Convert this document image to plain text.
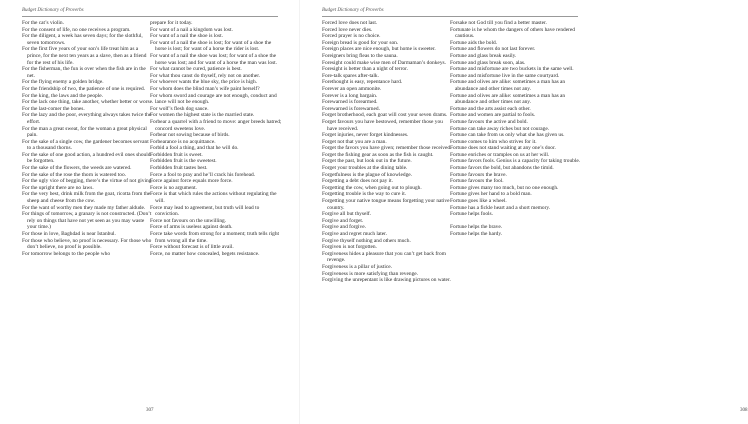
Budget Dictionary of Proverbs

For the cat’s violin.

For the consent of life, no one receives a program.

For the diligent, a week has seven days; for the slothful, seven tomorrows.

For the first five years of your son’s life treat him as a prince, for the next ten years as a slave, then as a friend for the rest of his life.

For the fisherman, the fun is over when the fish are in the net.

For the flying enemy a golden bridge.

For the friendship of two, the patience of one is required.

For the king, the laws and the people.

For the lack one thing, take another, whether better or worse.

For the last-comer the bones.

For the lazy and the poor, everything always takes twice the effort.

For the man a great sweat, for the woman a great physical pain.

For the sake of a single cow, the gardener becomes servant to a thousand thorns.

For the sake of one good action, a hundred evil ones should be forgotten.

For the sake of the flowers, the weeds are watered.

For the sake of the rose the thorn is watered too.

For the ugly vice of begging, there’s the virtue of not giving.

For the upright there are no laws.

For the very best, drink milk from the goat, ricotta from the sheep and cheese from the cow.

For the want of worthy men they made my father aldude.

For things of tomorrow, a granary is not constructed. (Don’t rely on things that have not yet seen as you may waste your time.)

For those in love, Baghdad is near Istanbul.

For those who believe, no proof is necessary. For those who don’t believe, no proof is possible.

For tomorrow belongs to the people who

prepare for it today.

For want of a nail a kingdom was lost.

For want of a nail the shoe is lost.

For want of a nail the shoe is lost; for want of a shoe the horse is lost; for want of a horse the rider is lost.

For want of a nail the shoe was lost; for want of a shoe the horse was lost; and for want of a horse the man was lost.

For what cannot be cured, patience is best.

For what thou canst do thyself, rely not on another.

For whoever wants the blue sky, the price is high.

For whom does the blind man’s wife paint herself?

For whom sword and courage are not enough, conduct and lance will not be enough.

For wolf’s flesh dog sauce.

For women the highest state is the married state.

Forbear a quarrel with a friend to move: anger breeds hatred; concord sweetens love.

Forbear not sowing because of birds.

Forbearance is no acquittance.

Forbid a fool a thing, and that he will do.

Forbidden fruit is sweet.

Forbidden fruit is the sweetest.

Forbidden fruit tastes best.

Force a fool to pray and he’ll crack his forehead.

Force against force equals more force.

Force is no argument.

Force is that which rules the actions without regulating the will.

Force may lead to agreement, but truth will lead to conviction.

Force not favours on the unwilling.

Force of arms is useless against death.

Force take words from strong for a moment; truth tells right from wrong all the time.

Force without forecast is of little avail.

Force, no matter how concealed, begets resistance.

307
Budget Dictionary of Proverbs

Forced love does not last.

Forced love never dies.

Forced prayer is no choice.

Foreign bread is good for your son.

Foreign places are nice enough, but home is sweeter.

Foreigners bring fleas to the sauna.

Foresight could make wise men of Darmaman’s donkeys.

Foresight is better than a night of terror.

Fore-talk spares after-talk.

Forethought is easy, repentance hard.

Forever an open ammonite.

Forever is a long bargain.

Forewarned is forearmed.

Forewarned is forewarned.

Forget brotherhood, each goat will cost your seven drams.

Forget favours you have bestowed, remember those you have received.

Forget injuries, never forget kindnesses.

Forget not that you are a man.

Forget the favors you have given; remember those received.

Forget the fishing gear as soon as the fish is caught.

Forget the past, but look out in the future.

Forget your troubles at the dining table.

Forgetfulness is the plague of knowledge.

Forgetting a debt does not pay it.

Forgetting the cow, when going out to plough.

Forgetting trouble is the way to cure it.

Forgetting your native tongue means forgetting your native country.

Forgive all but thyself.

Forgive and forget.

Forgive and forgive.

Forgive and regret much later.

Forgive thyself nothing and others much.

Forgiven is not forgotten.

Forgiveness hides a pleasure that you can’t get back from revenge.

Forgiveness is a pillar of justice.

Forgiveness is more satisfying than revenge.

Forgiving the unrepentant is like drawing pictures on water.

Forsake not God till you find a better master.

Fortunate is he whom the dangers of others have rendered cautious.

Fortune aids the bold.

Fortune and flowers do not last forever.

Fortune and glass break easily.

Fortune and glass break soon, alas.

Fortune and misfortune are two buckets in the same well.

Fortune and misfortune live in the same courtyard.

Fortune and olives are alike: sometimes a man has an abundance and other times not any.

Fortune and olives are alike: sometimes a man has an abundance and other times not any.

Fortune and the arts assist each other.

Fortune and women are partial to fools.

Fortune favours the active and bold.

Fortune can take away riches but not courage.

Fortune can take from us only what she has given us.

Fortune comes to him who strives for it.

Fortune does not stand waiting at any one’s door.

Fortune enriches or tramples on us at her will.

Fortune favors fools. Genius is a capacity for taking trouble.

Fortune favors the bold, but abandons the timid.

Fortune favours the brave.

Fortune favours the fool.

Fortune gives many too much, but no one enough.

Fortune gives her hand to a bold man.

Fortune goes like a wheel.

Fortune has a fickle heart and a short memory.

Fortune helps fools.

Fortune helps the brave.

Fortune helps the hardy.

308
